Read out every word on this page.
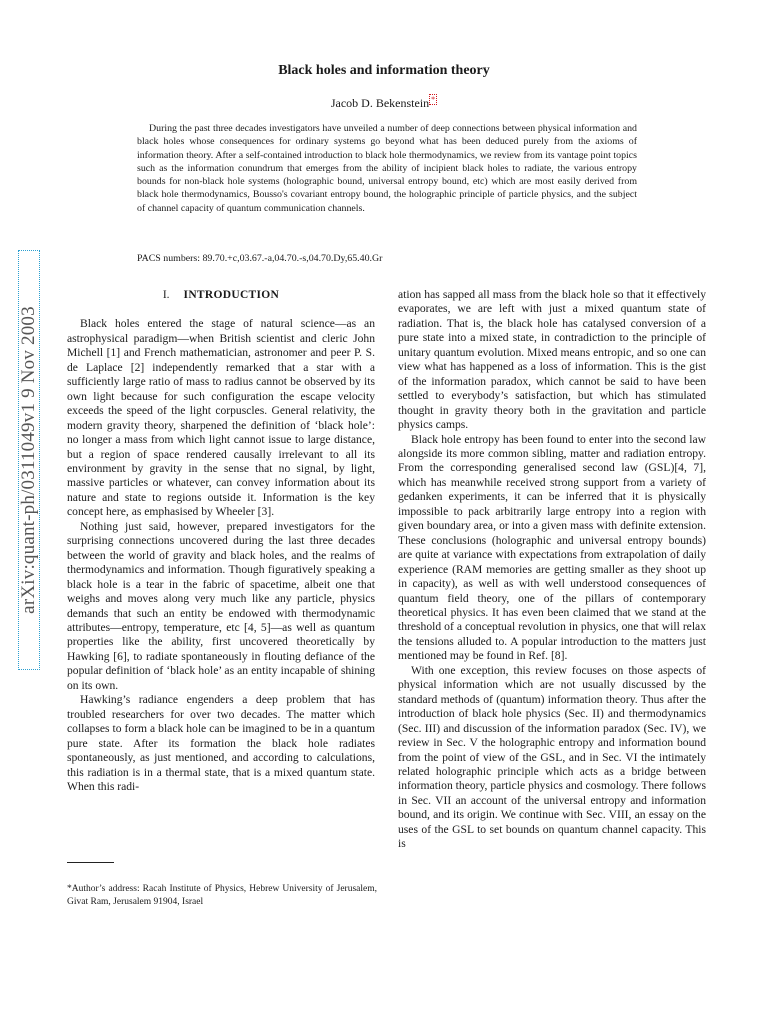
arXiv:quant-ph/0311049v1 9 Nov 2003
Black holes and information theory
Jacob D. Bekenstein *

During the past three decades investigators have unveiled a number of deep connections between physical information and black holes whose consequences for ordinary systems go beyond what has been deduced purely from the axioms of information theory. After a self-contained introduction to black hole thermodynamics, we review from its vantage point topics such as the information conundrum that emerges from the ability of incipient black holes to radiate, the various entropy bounds for non-black hole systems (holographic bound, universal entropy bound, etc) which are most easily derived from black hole thermodynamics, Bousso's covariant entropy bound, the holographic principle of particle physics, and the subject of channel capacity of quantum communication channels.

PACS numbers: 89.70.+c,03.67.-a,04.70.-s,04.70.Dy,65.40.Gr

I. INTRODUCTION

Black holes entered the stage of natural science—as an astrophysical paradigm—when British scientist and cleric John Michell [1] and French mathematician, astronomer and peer P. S. de Laplace [2] independently remarked that a star with a sufficiently large ratio of mass to radius cannot be observed by its own light because for such configuration the escape velocity exceeds the speed of the light corpuscles. General relativity, the modern gravity theory, sharpened the definition of ‘black hole’: no longer a mass from which light cannot issue to large distance, but a region of space rendered causally irrelevant to all its environment by gravity in the sense that no signal, by light, massive particles or whatever, can convey information about its nature and state to regions outside it. Information is the key concept here, as emphasised by Wheeler [3].

Nothing just said, however, prepared investigators for the surprising connections uncovered during the last three decades between the world of gravity and black holes, and the realms of thermodynamics and information. Though figuratively speaking a black hole is a tear in the fabric of spacetime, albeit one that weighs and moves along very much like any particle, physics demands that such an entity be endowed with thermodynamic attributes—entropy, temperature, etc [4, 5]—as well as quantum properties like the ability, first uncovered theoretically by Hawking [6], to radiate spontaneously in flouting defiance of the popular definition of ‘black hole’ as an entity incapable of shining on its own.

Hawking’s radiance engenders a deep problem that has troubled researchers for over two decades. The matter which collapses to form a black hole can be imagined to be in a quantum pure state. After its formation the black hole radiates spontaneously, as just mentioned, and according to calculations, this radiation is in a thermal state, that is a mixed quantum state. When this radi-

ation has sapped all mass from the black hole so that it effectively evaporates, we are left with just a mixed quantum state of radiation. That is, the black hole has catalysed conversion of a pure state into a mixed state, in contradiction to the principle of unitary quantum evolution. Mixed means entropic, and so one can view what has happened as a loss of information. This is the gist of the information paradox, which cannot be said to have been settled to everybody’s satisfaction, but which has stimulated thought in gravity theory both in the gravitation and particle physics camps.

Black hole entropy has been found to enter into the second law alongside its more common sibling, matter and radiation entropy. From the corresponding generalised second law (GSL)[4, 7], which has meanwhile received strong support from a variety of gedanken experiments, it can be inferred that it is physically impossible to pack arbitrarily large entropy into a region with given boundary area, or into a given mass with definite extension. These conclusions (holographic and universal entropy bounds) are quite at variance with expectations from extrapolation of daily experience (RAM memories are getting smaller as they shoot up in capacity), as well as with well understood consequences of quantum field theory, one of the pillars of contemporary theoretical physics. It has even been claimed that we stand at the threshold of a conceptual revolution in physics, one that will relax the tensions alluded to. A popular introduction to the matters just mentioned may be found in Ref. [8].

With one exception, this review focuses on those aspects of physical information which are not usually discussed by the standard methods of (quantum) information theory. Thus after the introduction of black hole physics (Sec. II) and thermodynamics (Sec. III) and discussion of the information paradox (Sec. IV), we review in Sec. V the holographic entropy and information bound from the point of view of the GSL, and in Sec. VI the intimately related holographic principle which acts as a bridge between information theory, particle physics and cosmology. There follows in Sec. VII an account of the universal entropy and information bound, and its origin. We continue with Sec. VIII, an essay on the uses of the GSL to set bounds on quantum channel capacity. This is

*Author’s address: Racah Institute of Physics, Hebrew University of Jerusalem, Givat Ram, Jerusalem 91904, Israel
